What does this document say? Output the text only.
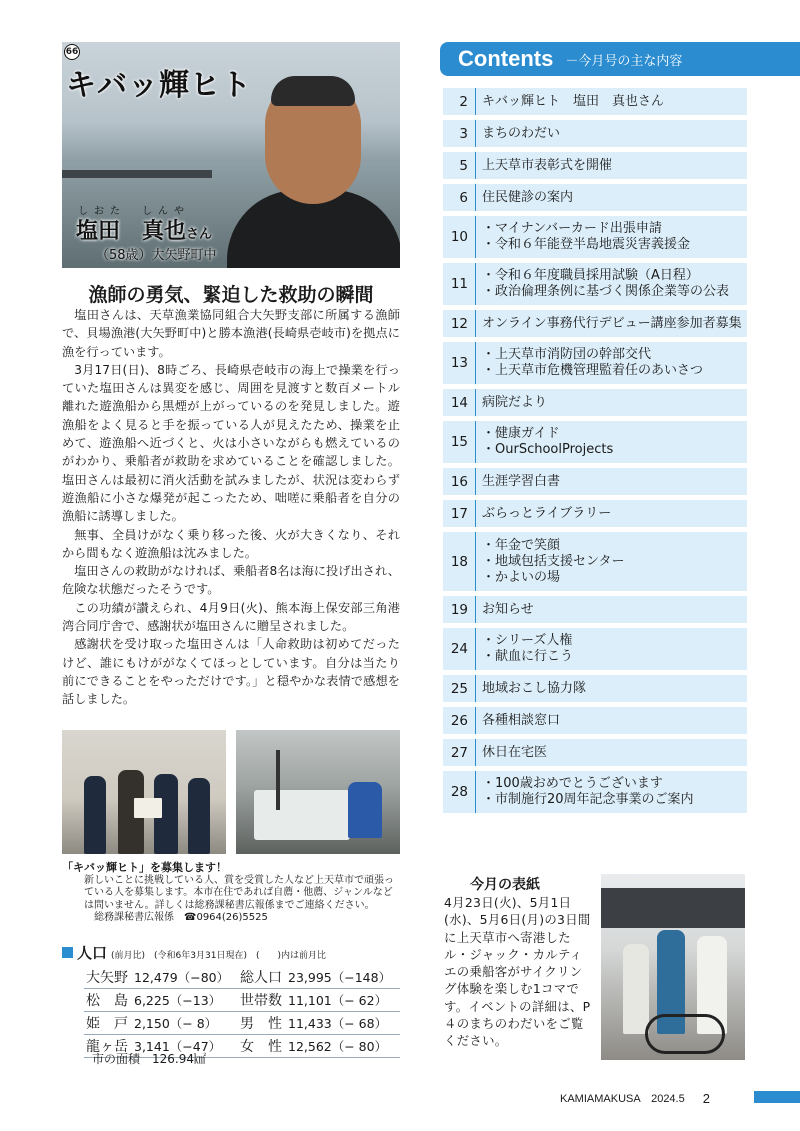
66
キバッ輝ヒト
しおた　しんや
塩田　真也さん
（58歳）大矢野町中
漁師の勇気、緊迫した救助の瞬間

塩田さんは、天草漁業協同組合大矢野支部に所属する漁師で、貝場漁港(大矢野町中)と勝本漁港(長崎県壱岐市)を拠点に漁を行っています。

3月17日(日)、8時ごろ、長崎県壱岐市の海上で操業を行っていた塩田さんは異変を感じ、周囲を見渡すと数百メートル離れた遊漁船から黒煙が上がっているのを発見しました。遊漁船をよく見ると手を振っている人が見えたため、操業を止めて、遊漁船へ近づくと、火は小さいながらも燃えているのがわかり、乗船者が救助を求めていることを確認しました。塩田さんは最初に消火活動を試みましたが、状況は変わらず遊漁船に小さな爆発が起こったため、咄嗟に乗船者を自分の漁船に誘導しました。

無事、全員けがなく乗り移った後、火が大きくなり、それから間もなく遊漁船は沈みました。

塩田さんの救助がなければ、乗船者8名は海に投げ出され、危険な状態だったそうです。

この功績が讃えられ、4月9日(火)、熊本海上保安部三角港湾合同庁舎で、感謝状が塩田さんに贈呈されました。

感謝状を受け取った塩田さんは「人命救助は初めてだったけど、誰にもけががなくてほっとしています。自分は当たり前にできることをやっただけです。」と穏やかな表情で感想を話しました。

「キバッ輝ヒト」を募集します！
新しいことに挑戦している人、賞を受賞した人など上天草市で頑張っている人を募集します。本市在住であれば自薦・他薦、ジャンルなどは問いません。詳しくは総務課秘書広報係までご連絡ください。
総務課秘書広報係　☎0964(26)5525
人口 (前月比)　(令和6年3月31日現在)　(　　)内は前月比
大矢野	12,479（−80）	総人口	23,995（−148）
松　島	6,225（−13）	世帯数	11,101（− 62）
姫　戸	2,150（− 8）	男　性	11,433（− 68）
龍ヶ岳	3,141（−47）	女　性	12,562（− 80）
市の面積　126.94㎢
Contents －今月号の主な内容
2	キバッ輝ヒト　塩田　真也さん
3	まちのわだい
5	上天草市表彰式を開催
6	住民健診の案内
10
・マイナンバーカード出張申請
・令和６年能登半島地震災害義援金
11
・令和６年度職員採用試験（A日程）
・政治倫理条例に基づく関係企業等の公表
12	オンライン事務代行デビュー講座参加者募集
13
・上天草市消防団の幹部交代
・上天草市危機管理監着任のあいさつ
14	病院だより
15
・健康ガイド
・OurSchoolProjects
16	生涯学習白書
17	ぶらっとライブラリー
18
・年金で笑顔
・地域包括支援センター
・かよいの場
19	お知らせ
24
・シリーズ人権
・献血に行こう
25	地域おこし協力隊
26	各種相談窓口
27	休日在宅医
28
・100歳おめでとうございます
・市制施行20周年記念事業のご案内
今月の表紙
4月23日(火)、5月1日(水)、5月6日(月)の3日間に上天草市へ寄港したル・ジャック・カルティエの乗船客がサイクリング体験を楽しむ1コマです。イベントの詳細は、P４のまちのわだいをご覧ください。
KAMIAMAKUSA　2024.5 2
